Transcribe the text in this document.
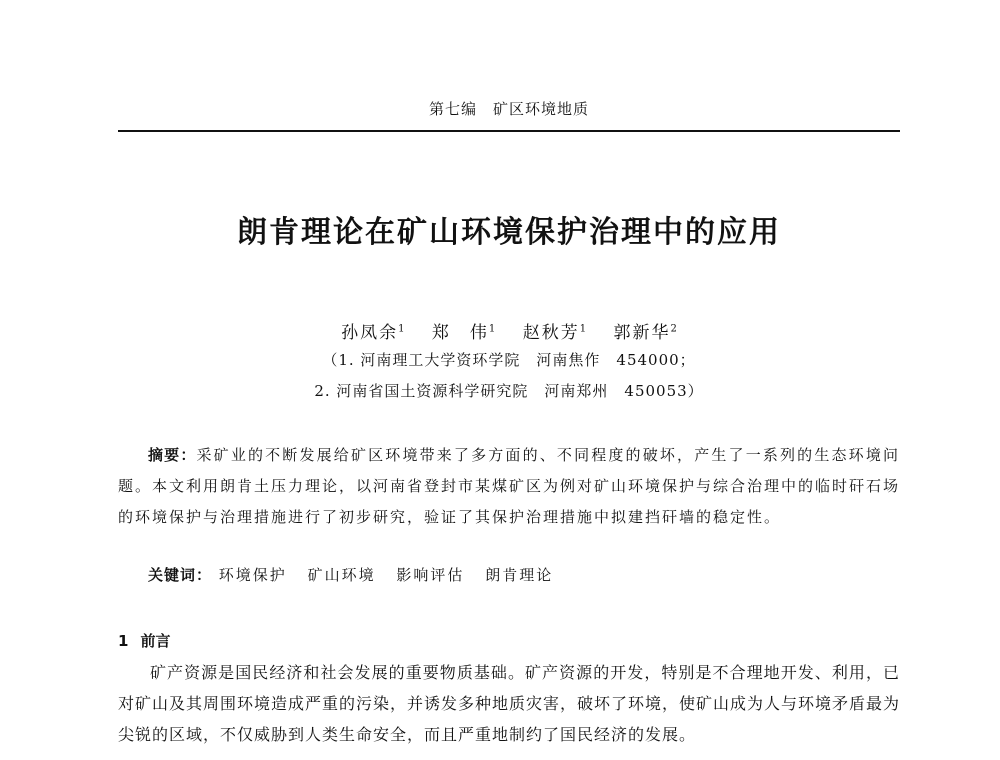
第七编　矿区环境地质
朗肯理论在矿山环境保护治理中的应用
孙凤余$^1$ 郑　伟$^1$ 赵秋芳$^1$ 郭新华$^2$
（1. 河南理工大学资环学院　河南焦作　454000；
2. 河南省国土资源科学研究院　河南郑州　450053）

摘要：采矿业的不断发展给矿区环境带来了多方面的、不同程度的破坏，产生了一系列的生态环境问题。本文利用朗肯土压力理论，以河南省登封市某煤矿区为例对矿山环境保护与综合治理中的临时矸石场的环境保护与治理措施进行了初步研究，验证了其保护治理措施中拟建挡矸墙的稳定性。

关键词： 环境保护 矿山环境 影响评估 朗肯理论
1 前言

矿产资源是国民经济和社会发展的重要物质基础。矿产资源的开发，特别是不合理地开发、利用，已对矿山及其周围环境造成严重的污染，并诱发多种地质灾害，破坏了环境，使矿山成为人与环境矛盾最为尖锐的区域，不仅威胁到人类生命安全，而且严重地制约了国民经济的发展。
